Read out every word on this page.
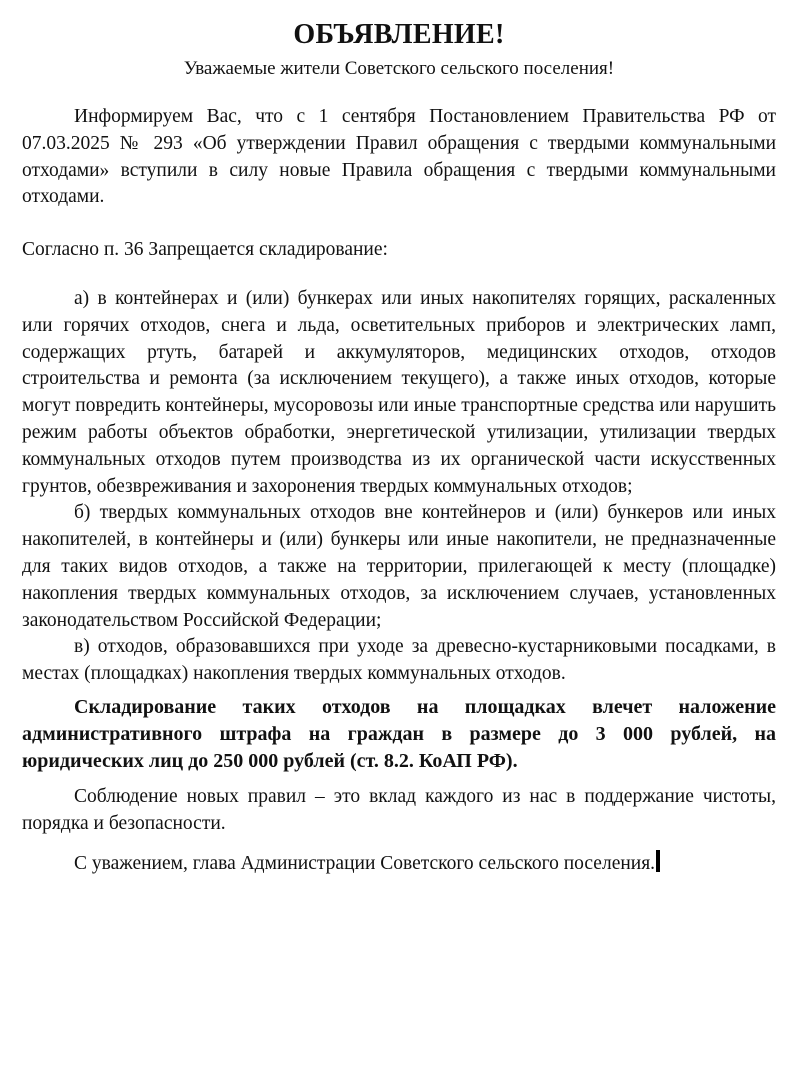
ОБЪЯВЛЕНИЕ!

Уважаемые жители Советского сельского поселения!

Информируем Вас, что с 1 сентября Постановлением Правительства РФ от 07.03.2025 № 293 «Об утверждении Правил обращения с твердыми коммунальными отходами» вступили в силу новые Правила обращения с твердыми коммунальными отходами.

Согласно п. 36 Запрещается складирование:

а) в контейнерах и (или) бункерах или иных накопителях горящих, раскаленных или горячих отходов, снега и льда, осветительных приборов и электрических ламп, содержащих ртуть, батарей и аккумуляторов, медицинских отходов, отходов строительства и ремонта (за исключением текущего), а также иных отходов, которые могут повредить контейнеры, мусоровозы или иные транспортные средства или нарушить режим работы объектов обработки, энергетической утилизации, утилизации твердых коммунальных отходов путем производства из их органической части искусственных грунтов, обезвреживания и захоронения твердых коммунальных отходов;

б) твердых коммунальных отходов вне контейнеров и (или) бункеров или иных накопителей, в контейнеры и (или) бункеры или иные накопители, не предназначенные для таких видов отходов, а также на территории, прилегающей к месту (площадке) накопления твердых коммунальных отходов, за исключением случаев, установленных законодательством Российской Федерации;

в) отходов, образовавшихся при уходе за древесно-кустарниковыми посадками, в местах (площадках) накопления твердых коммунальных отходов.

Складирование таких отходов на площадках влечет наложение административного штрафа на граждан в размере до 3 000 рублей, на юридических лиц до 250 000 рублей (ст. 8.2. КоАП РФ).

Соблюдение новых правил – это вклад каждого из нас в поддержание чистоты, порядка и безопасности.

С уважением, глава Администрации Советского сельского поселения.
